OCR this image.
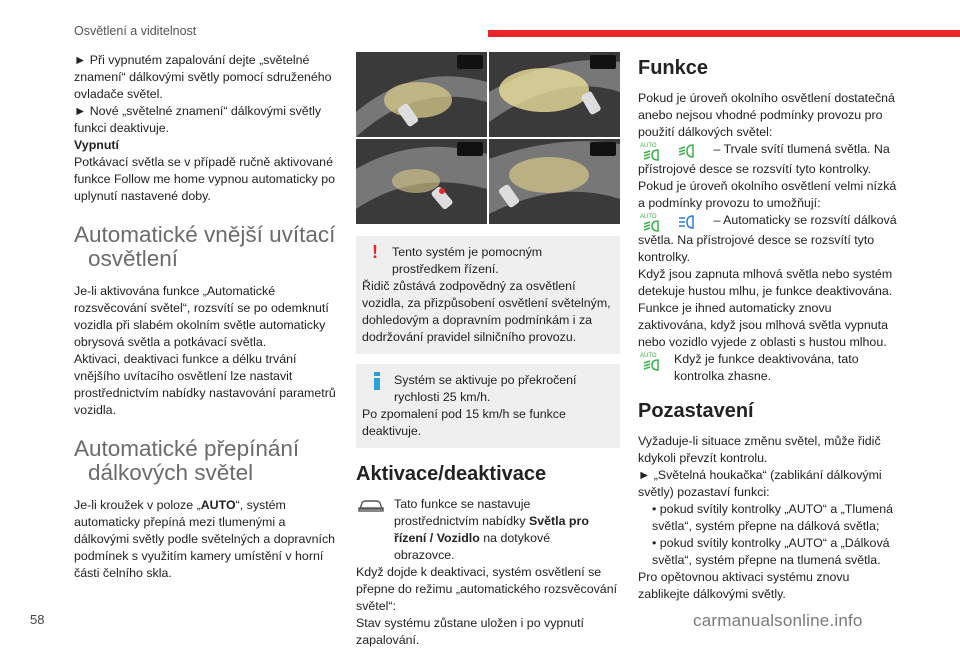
Osvětlení a viditelnost

► Při vypnutém zapalování dejte „světelné znamení“ dálkovými světly pomocí sdruženého ovladače světel.

► Nové „světelné znamení“ dálkovými světly funkci deaktivuje.

Vypnutí

Potkávací světla se v případě ručně aktivované funkce Follow me home vypnou automaticky po uplynutí nastavené doby.

Automatické vnější uvítací
osvětlení

Je-li aktivována funkce „Automatické rozsvěcování světel“, rozsvítí se po odemknutí vozidla při slabém okolním světle automaticky obrysová světla a potkávací světla.

Aktivaci, deaktivaci funkce a délku trvání vnějšího uvítacího osvětlení lze nastavit prostřednictvím nabídky nastavování parametrů vozidla.

Automatické přepínání
dálkových světel

Je-li kroužek v poloze „AUTO“, systém automaticky přepíná mezi tlumenými a dálkovými světly podle světelných a dopravních podmínek s využitím kamery umístění v horní části čelního skla.

! Tento systém je pomocným prostředkem řízení.

Řidič zůstává zodpovědný za osvětlení vozidla, za přizpůsobení osvětlení světelným, dohledovým a dopravním podmínkám i za dodržování pravidel silničního provozu.

Systém se aktivuje po překročení rychlosti 25 km/h.

Po zpomalení pod 15 km/h se funkce deaktivuje.

Aktivace/deaktivace

Tato funkce se nastavuje prostřednictvím nabídky Světla pro řízení / Vozidlo na dotykové obrazovce.

Když dojde k deaktivaci, systém osvětlení se přepne do režimu „automatického rozsvěcování světel“:

Stav systému zůstane uložen i po vypnutí zapalování.

Funkce

Pokud je úroveň okolního osvětlení dostatečná anebo nejsou vhodné podmínky provozu pro použití dálkových světel:

AUTO	– Trvale svítí tlumená světla. Na přístrojové desce se rozsvítí tyto kontrolky.

Pokud je úroveň okolního osvětlení velmi nízká a podmínky provozu to umožňují:

AUTO	– Automaticky se rozsvítí dálková světla. Na přístrojové desce se rozsvítí tyto kontrolky.

Když jsou zapnuta mlhová světla nebo systém detekuje hustou mlhu, je funkce deaktivována.

Funkce je ihned automaticky znovu zaktivována, když jsou mlhová světla vypnuta nebo vozidlo vyjede z oblasti s hustou mlhou.

AUTO Když je funkce deaktivována, tato kontrolka zhasne.

Pozastavení

Vyžaduje-li situace změnu světel, může řidič kdykoli převzít kontrolu.

► „Světelná houkačka“ (zablikání dálkovými světly) pozastaví funkci:

• pokud svítily kontrolky „AUTO“ a „Tlumená světla“, systém přepne na dálková světla;

• pokud svítily kontrolky „AUTO“ a „Dálková světla“, systém přepne na tlumená světla.

Pro opětovnou aktivaci systému znovu zablikejte dálkovými světly.

58	carmanualsonline.info
